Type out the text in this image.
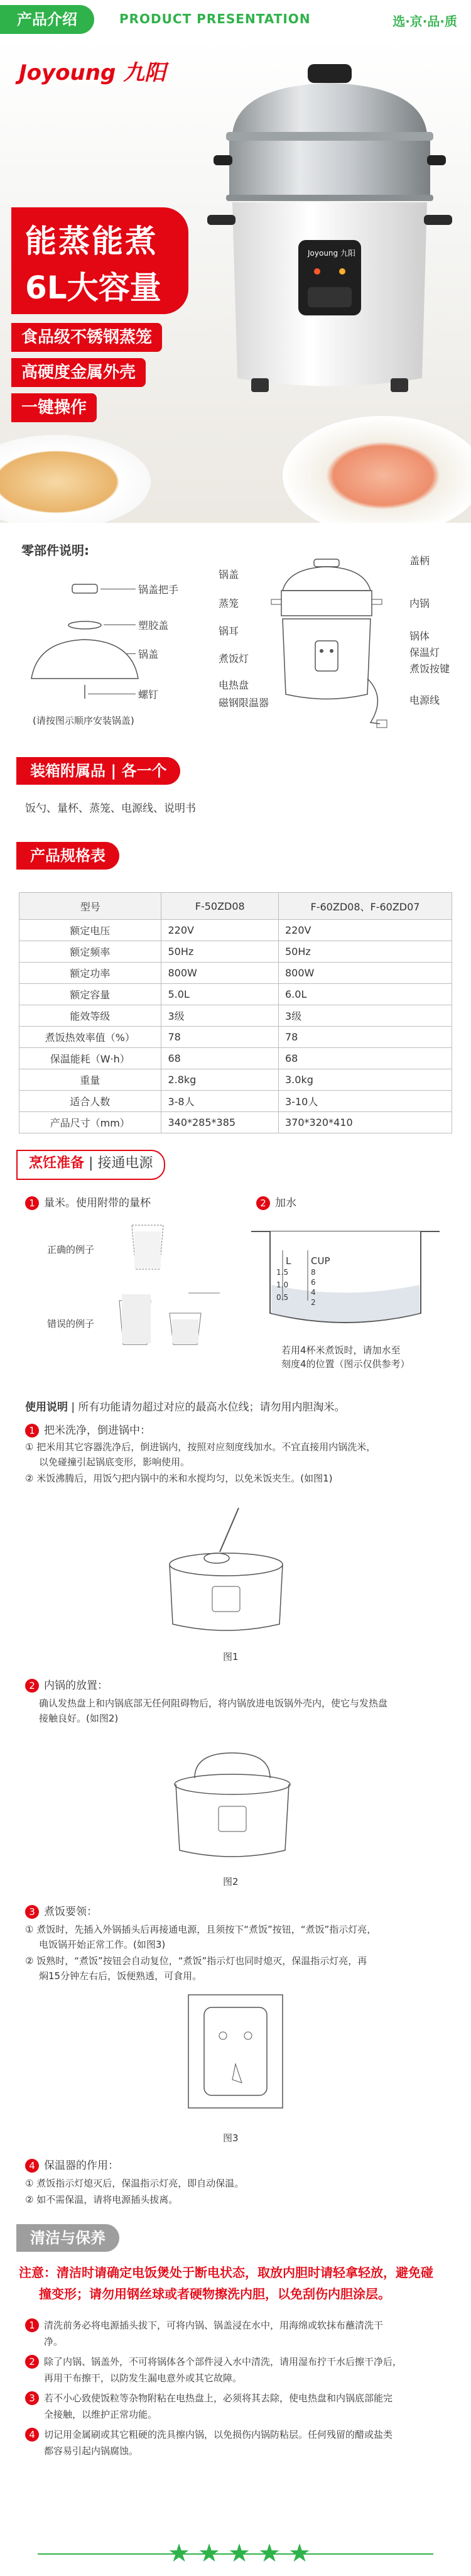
产品介绍	PRODUCT PRESENTATION	选·京·品·质
Joyoung 九阳
Joyoung 九阳
能蒸能煮
6L大容量
食品级不锈钢蒸笼
高硬度金属外壳
一键操作
零部件说明:
锅盖把手
塑胶盖
锅盖
螺钉
(请按图示顺序安装锅盖)
锅盖
蒸笼
锅耳
煮饭灯
电热盘
磁钢限温器
盖柄
内锅
锅体
保温灯
煮饭按键
电源线
装箱附属品 | 各一个
饭勺、量杯、蒸笼、电源线、说明书
产品规格表
型号	F-50ZD08	F-60ZD08、F-60ZD07
额定电压	220V	220V
额定频率	50Hz	50Hz
额定功率	800W	800W
额定容量	5.0L	6.0L
能效等级	3级	3级
煮饭热效率值（%）	78	78
保温能耗（W·h）	68	68
重量	2.8kg	3.0kg
适合人数	3-8人	3-10人
产品尺寸（mm）	340*285*385	370*320*410
烹饪准备 | 接通电源
1 量米。使用附带的量杯
正确的例子
错误的例子
2 加水
L CUP
1.5
1.0
0.5
8
6
4
2
若用4杯米煮饭时，请加水至
刻度4的位置（图示仅供参考）
使用说明 | 所有功能请勿超过对应的最高水位线；请勿用内胆淘米。
1 把米洗净，倒进锅中：
① 把米用其它容器洗净后，倒进锅内，按照对应刻度线加水。不宜直接用内锅洗米，
以免碰撞引起锅底变形，影响使用。
② 米饭沸腾后，用饭勺把内锅中的米和水搅均匀，以免米饭夹生。(如图1)
图1
2 内锅的放置：
确认发热盘上和内锅底部无任何阻碍物后，将内锅放进电饭锅外壳内，使它与发热盘
接触良好。(如图2)
图2
3 煮饭要领：
① 煮饭时，先插入外锅插头后再接通电源，且须按下“煮饭”按钮，“煮饭”指示灯亮，
电饭锅开始正常工作。(如图3)
② 饭熟时，“煮饭”按钮会自动复位，“煮饭”指示灯也同时熄灭，保温指示灯亮，再
焖15分钟左右后，饭便熟透，可食用。
图3
4 保温器的作用：
① 煮饭指示灯熄灭后，保温指示灯亮，即自动保温。
② 如不需保温，请将电源插头拔离。
清洁与保养
注意：清洁时请确定电饭煲处于断电状态，取放内胆时请轻拿轻放，避免碰
撞变形；请勿用钢丝球或者硬物擦洗内胆，以免刮伤内胆涂层。
1 清洗前务必将电源插头拔下，可将内锅、锅盖浸在水中，用海绵或软抹布蘸清洗干
净。
2 除了内锅、锅盖外，不可将锅体各个部件浸入水中清洗，请用湿布拧干水后擦干净后，
再用干布擦干，以防发生漏电意外或其它故障。
3 若不小心致使饭粒等杂物附粘在电热盘上，必须将其去除，使电热盘和内锅底部能完
全接触，以维护正常功能。
4 切记用金属刷或其它粗硬的洗具擦内锅，以免损伤内锅防粘层。任何残留的醋或盐类
都容易引起内锅腐蚀。
★ ★ ★ ★ ★
